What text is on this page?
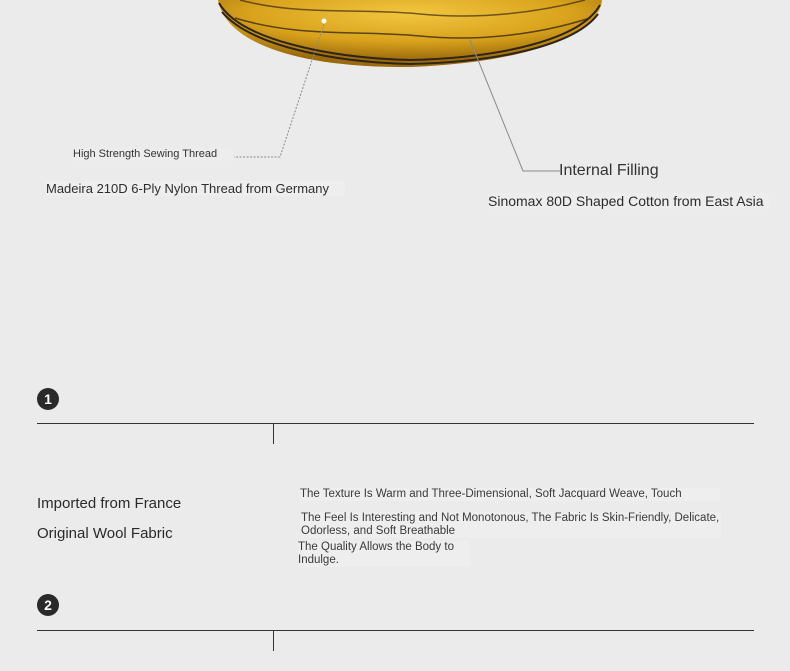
High Strength Sewing Thread
Madeira 210D 6-Ply Nylon Thread from Germany
Internal Filling
Sinomax 80D Shaped Cotton from East Asia
1
Imported from France
Original Wool Fabric
The Texture Is Warm and Three-Dimensional, Soft Jacquard Weave, Touch
The Feel Is Interesting and Not Monotonous, The Fabric Is Skin-Friendly, Delicate, Odorless, and Soft Breathable
The Quality Allows the Body to Indulge.
2
